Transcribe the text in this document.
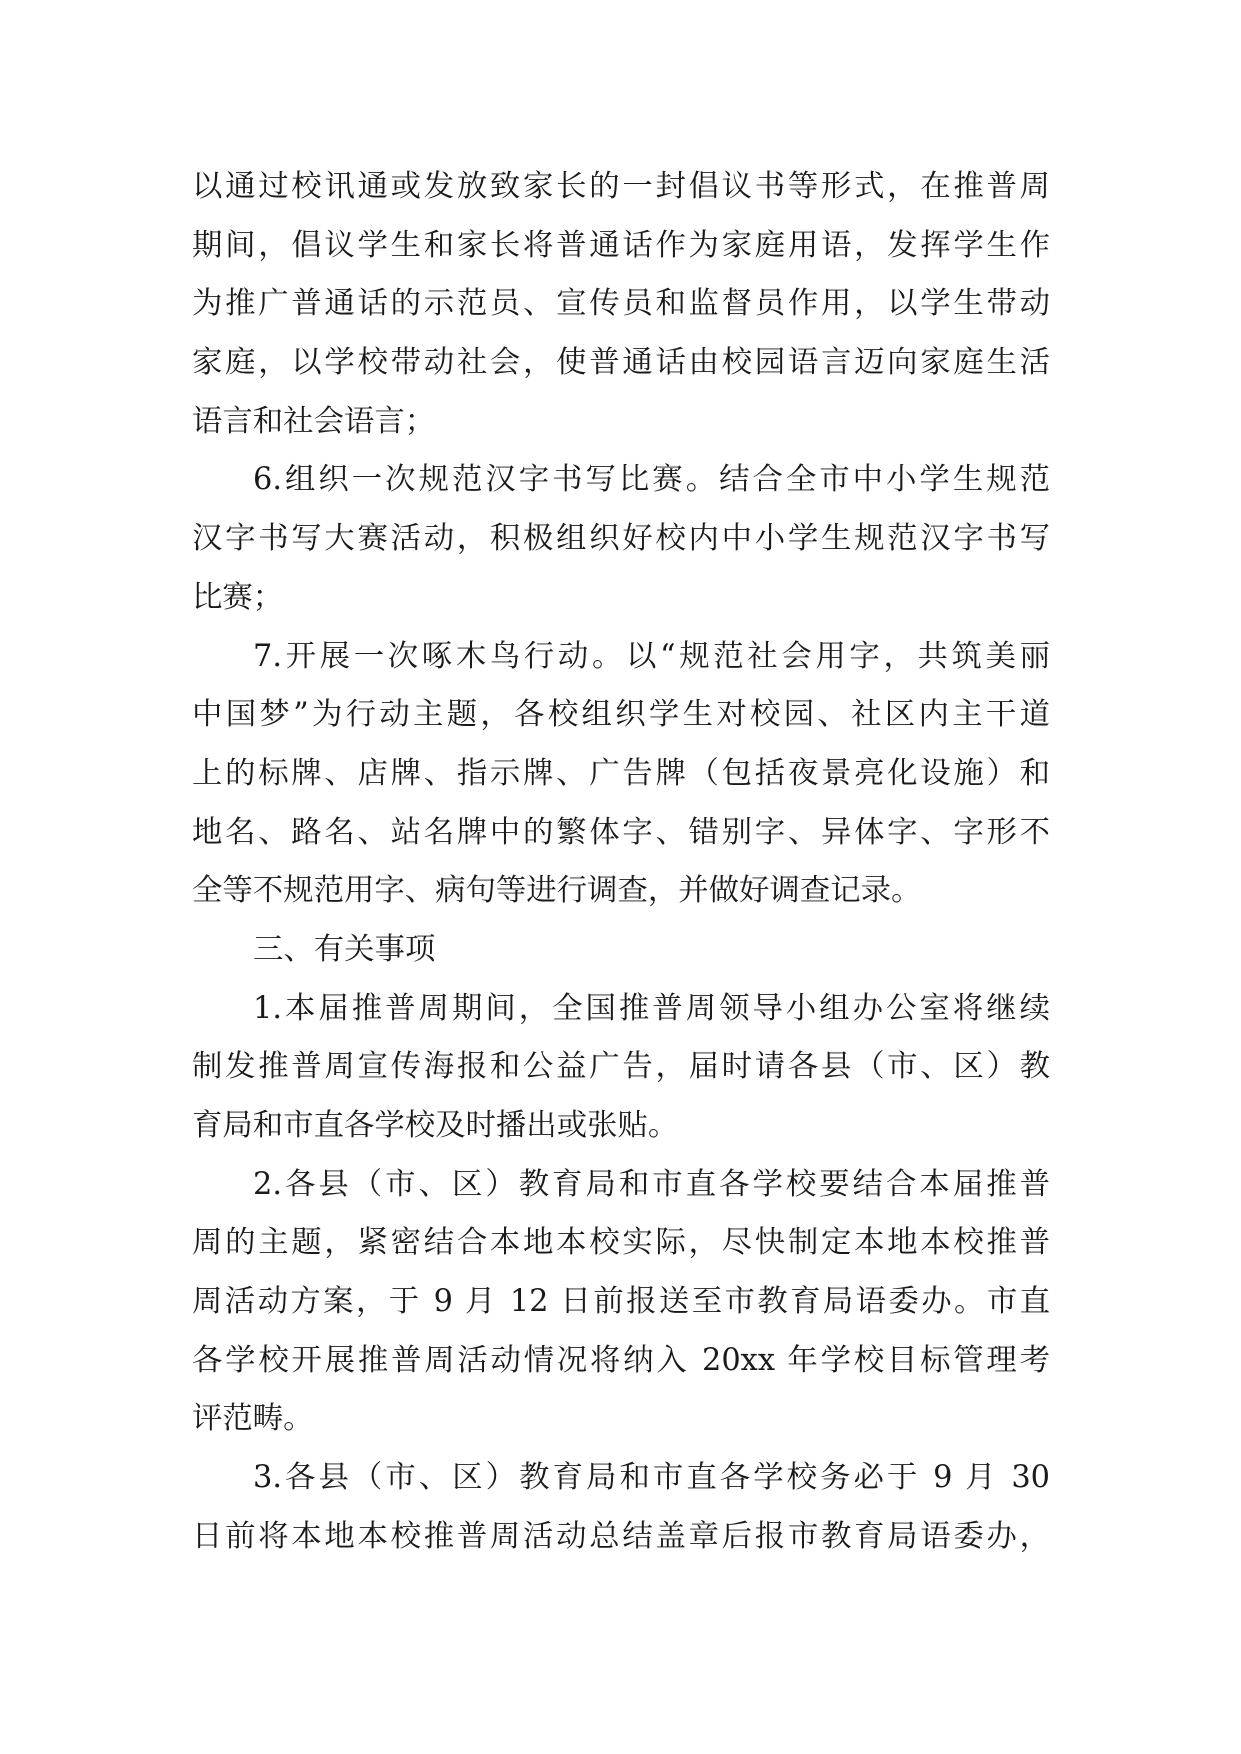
以通过校讯通或发放致家长的一封倡议书等形式，在推普周
期间，倡议学生和家长将普通话作为家庭用语，发挥学生作
为推广普通话的示范员、宣传员和监督员作用，以学生带动
家庭，以学校带动社会，使普通话由校园语言迈向家庭生活
语言和社会语言；
6.组织一次规范汉字书写比赛。结合全市中小学生规范
汉字书写大赛活动，积极组织好校内中小学生规范汉字书写
比赛；
7.开展一次啄木鸟行动。以“规范社会用字，共筑美丽
中国梦”为行动主题，各校组织学生对校园、社区内主干道
上的标牌、店牌、指示牌、广告牌（包括夜景亮化设施）和
地名、路名、站名牌中的繁体字、错别字、异体字、字形不
全等不规范用字、病句等进行调查，并做好调查记录。
三、有关事项
1.本届推普周期间，全国推普周领导小组办公室将继续
制发推普周宣传海报和公益广告，届时请各县（市、区）教
育局和市直各学校及时播出或张贴。
2.各县（市、区）教育局和市直各学校要结合本届推普
周的主题，紧密结合本地本校实际，尽快制定本地本校推普
周活动方案，于 9 月 12 日前报送至市教育局语委办。市直
各学校开展推普周活动情况将纳入 20xx 年学校目标管理考
评范畴。
3.各县（市、区）教育局和市直各学校务必于 9 月 30
日前将本地本校推普周活动总结盖章后报市教育局语委办，
